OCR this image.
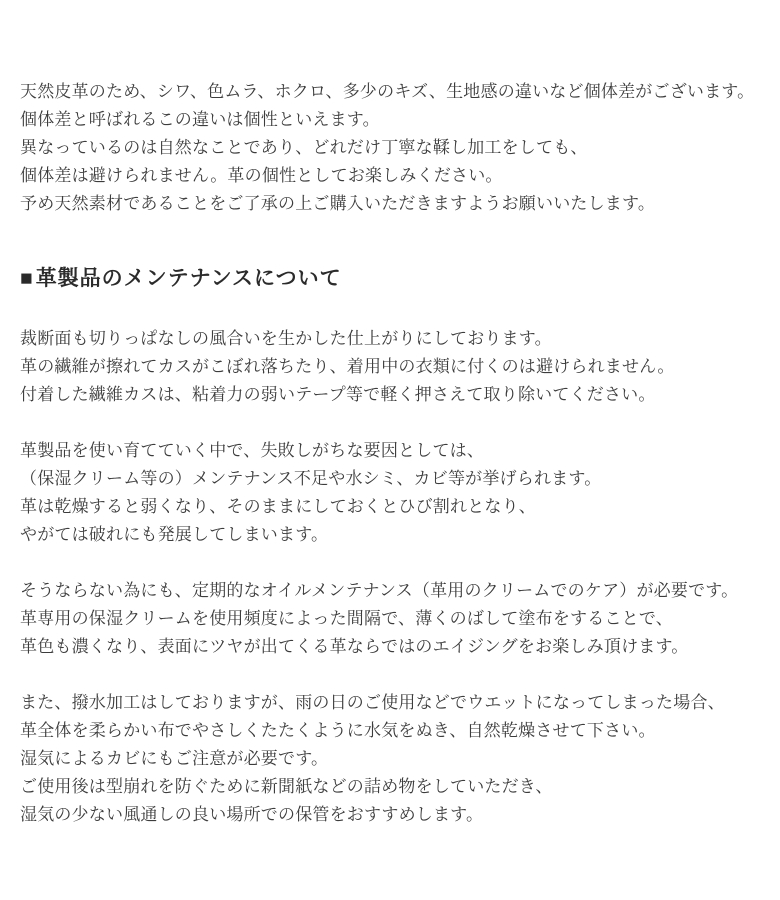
天然皮革のため、シワ、色ムラ、ホクロ、多少のキズ、生地感の違いなど個体差がございます。

個体差と呼ばれるこの違いは個性といえます。

異なっているのは自然なことであり、どれだけ丁寧な鞣し加工をしても、

個体差は避けられません。革の個性としてお楽しみください。

予め天然素材であることをご了承の上ご購入いただきますようお願いいたします。

■革製品のメンテナンスについて

裁断面も切りっぱなしの風合いを生かした仕上がりにしております。

革の繊維が擦れてカスがこぼれ落ちたり、着用中の衣類に付くのは避けられません。

付着した繊維カスは、粘着力の弱いテープ等で軽く押さえて取り除いてください。

革製品を使い育てていく中で、失敗しがちな要因としては、

（保湿クリーム等の）メンテナンス不足や水シミ、カビ等が挙げられます。

革は乾燥すると弱くなり、そのままにしておくとひび割れとなり、

やがては破れにも発展してしまいます。

そうならない為にも、定期的なオイルメンテナンス（革用のクリームでのケア）が必要です。

革専用の保湿クリームを使用頻度によった間隔で、薄くのばして塗布をすることで、

革色も濃くなり、表面にツヤが出てくる革ならではのエイジングをお楽しみ頂けます。

また、撥水加工はしておりますが、雨の日のご使用などでウエットになってしまった場合、

革全体を柔らかい布でやさしくたたくように水気をぬき、自然乾燥させて下さい。

湿気によるカビにもご注意が必要です。

ご使用後は型崩れを防ぐために新聞紙などの詰め物をしていただき、

湿気の少ない風通しの良い場所での保管をおすすめします。
